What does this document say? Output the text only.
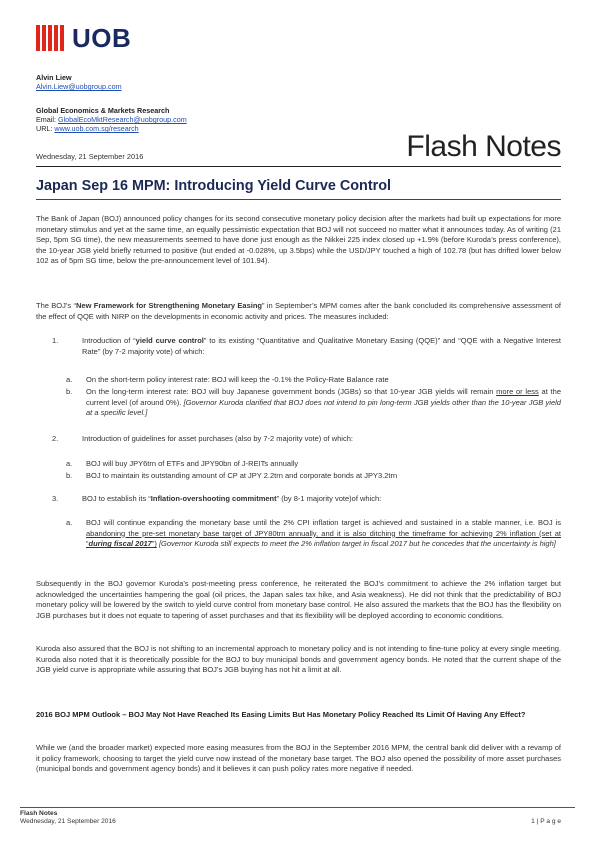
UOB
Alvin Liew
Alvin.Liew@uobgroup.com
Global Economics & Markets Research
Email: GlobalEcoMktResearch@uobgroup.com
URL: www.uob.com.sg/research
Wednesday, 21 September 2016	Flash Notes
Japan Sep 16 MPM: Introducing Yield Curve Control

The Bank of Japan (BOJ) announced policy changes for its second consecutive monetary policy decision after the markets had built up expectations for more monetary stimulus and yet at the same time, an equally pessimistic expectation that BOJ will not succeed no matter what it announces today. As of writing (21 Sep, 5pm SG time), the new measurements seemed to have done just enough as the Nikkei 225 index closed up +1.9% (before Kuroda’s press conference), the 10-year JGB yield briefly returned to positive (but ended at -0.028%, up 3.5bps) while the USD/JPY touched a high of 102.78 (but has drifted lower below 102 as of 5pm SG time, below the pre-announcement level of 101.94).

The BOJ’s “New Framework for Strengthening Monetary Easing” in September’s MPM comes after the bank concluded its comprehensive assessment of the effect of QQE with NIRP on the developments in economic activity and prices. The measures included:

1.	Introduction of “yield curve control” to its existing “Quantitative and Qualitative Monetary Easing (QQE)” and “QQE with a Negative Interest Rate” (by 7-2 majority vote) of which:

a.	On the short-term policy interest rate: BOJ will keep the -0.1% the Policy-Rate Balance rate

b.	On the long-term interest rate: BOJ will buy Japanese government bonds (JGBs) so that 10-year JGB yields will remain more or less at the current level (of around 0%). [Governor Kuroda clarified that BOJ does not intend to pin long-term JGB yields other than the 10-year JGB yield at a specific level.]

2.	Introduction of guidelines for asset purchases (also by 7-2 majority vote) of which:

a.	BOJ will buy JPY6trn of ETFs and JPY90bn of J-REITs annually

b.	BOJ to maintain its outstanding amount of CP at JPY 2.2trn and corporate bonds at JPY3.2trn

3.	BOJ to establish its “Inflation-overshooting commitment” (by 8-1 majority vote)of which:

a.	BOJ will continue expanding the monetary base until the 2% CPI inflation target is achieved and sustained in a stable manner, i.e. BOJ is abandoning the pre-set monetary base target of JPY80trn annually, and it is also ditching the timeframe for achieving 2% inflation (set at “during fiscal 2017”) [Governor Kuroda still expects to meet the 2% inflation target in fiscal 2017 but he concedes that the uncertainty is high]

Subsequently in the BOJ governor Kuroda’s post-meeting press conference, he reiterated the BOJ’s commitment to achieve the 2% inflation target but acknowledged the uncertainties hampering the goal (oil prices, the Japan sales tax hike, and Asia weakness). He did not think that the predictability of BOJ monetary policy will be lowered by the switch to yield curve control from monetary base control. He also assured the markets that the BOJ has the flexibility on JGB purchases but it does not equate to tapering of asset purchases and that its flexibility will be deployed according to economic conditions.

Kuroda also assured that the BOJ is not shifting to an incremental approach to monetary policy and is not intending to fine-tune policy at every single meeting. Kuroda also noted that it is theoretically possible for the BOJ to buy municipal bonds and government agency bonds. He noted that the current shape of the JGB yield curve is appropriate while assuring that BOJ’s JGB buying has not hit a limit at all.

2016 BOJ MPM Outlook – BOJ May Not Have Reached Its Easing Limits But Has Monetary Policy Reached Its Limit Of Having Any Effect?

While we (and the broader market) expected more easing measures from the BOJ in the September 2016 MPM, the central bank did deliver with a revamp of it policy framework, choosing to target the yield curve now instead of the monetary base target. The BOJ also opened the possibility of more asset purchases (municipal bonds and government agency bonds) and it believes it can push policy rates more negative if needed.

Flash Notes
Wednesday, 21 September 2016	1 | P a g e
